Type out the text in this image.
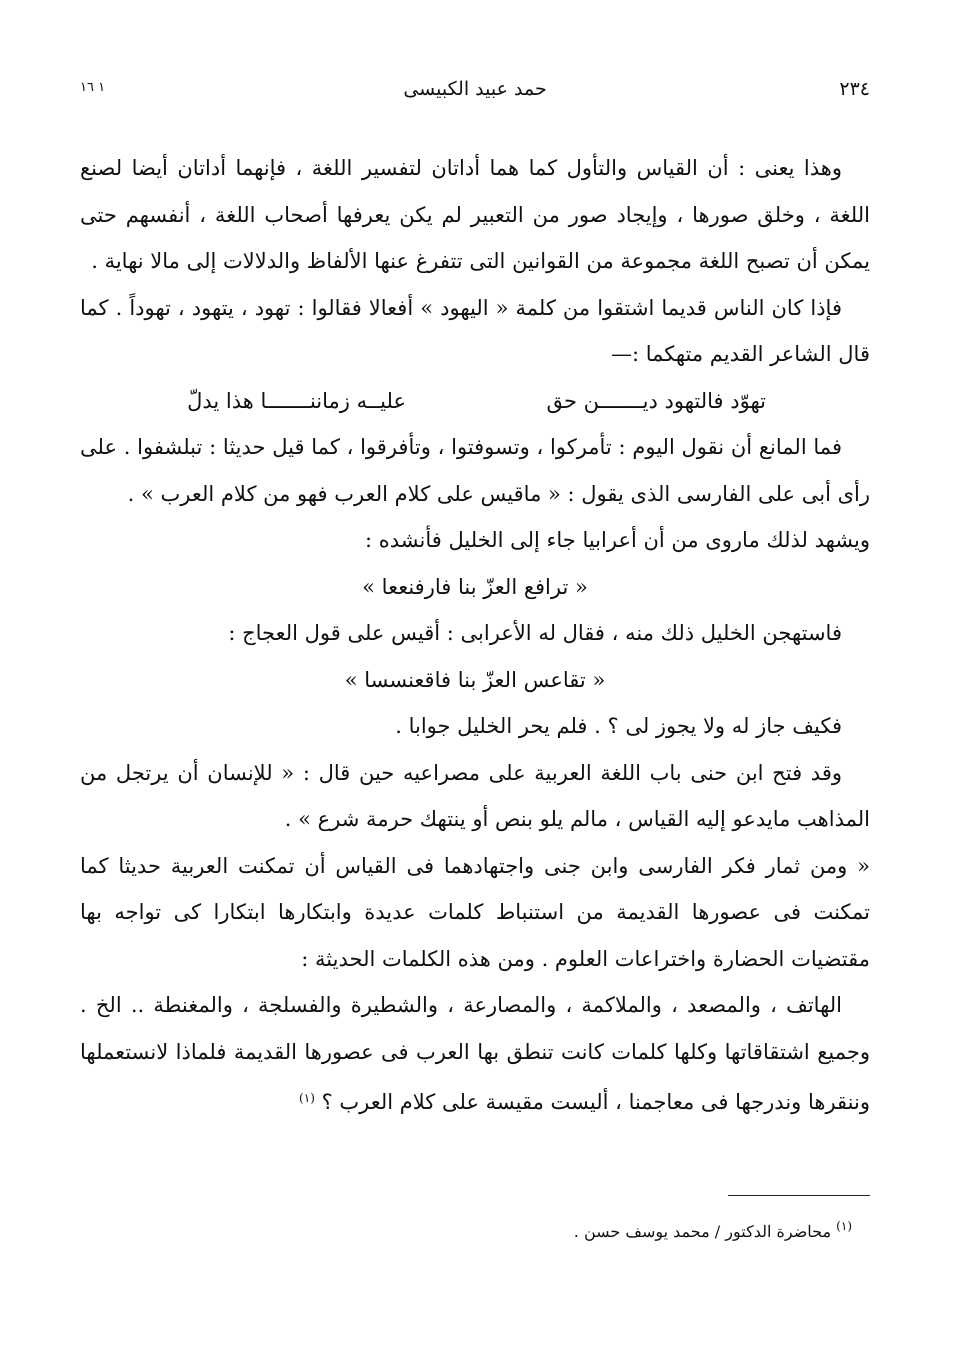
٢٣٤
حمد عبيد الكبيسى
١ ١٦

وهذا يعنى : أن القياس والتأول كما هما أداتان لتفسير اللغة ، فإنهما أداتان أيضا لصنع اللغة ، وخلق صورها ، وإيجاد صور من التعبير لم يكن يعرفها أصحاب اللغة ، أنفسهم حتى يمكن أن تصبح اللغة مجموعة من القوانين التى تتفرغ عنها الألفاظ والدلالات إلى مالا نهاية .

فإذا كان الناس قديما اشتقوا من كلمة « اليهود » أفعالا فقالوا : تهود ، يتهود ، تهوداً . كما قال الشاعر القديم متهكما :—

تهوّد فالتهود ديـــــــن حق
عليــه زماننـــــــا هذا يدلّ

فما المانع أن نقول اليوم : تأمركوا ، وتسوفتوا ، وتأفرقوا ، كما قيل حديثا : تبلشفوا . على رأى أبى على الفارسى الذى يقول : « ماقيس على كلام العرب فهو من كلام العرب » .

ويشهد لذلك ماروى من أن أعرابيا جاء إلى الخليل فأنشده :

« ترافع العزّ بنا فارفنععا »

فاستهجن الخليل ذلك منه ، فقال له الأعرابى : أقيس على قول العجاج :

« تقاعس العزّ بنا فاقعنسسا »

فكيف جاز له ولا يجوز لى ؟ . فلم يحر الخليل جوابا .

وقد فتح ابن حنى باب اللغة العربية على مصراعيه حين قال : « للإنسان أن يرتجل من المذاهب مايدعو إليه القياس ، مالم يلو بنص أو ينتهك حرمة شرع » .

« ومن ثمار فكر الفارسى وابن جنى واجتهادهما فى القياس أن تمكنت العربية حديثا كما تمكنت فى عصورها القديمة من استنباط كلمات عديدة وابتكارها ابتكارا كى تواجه بها مقتضيات الحضارة واختراعات العلوم . ومن هذه الكلمات الحديثة :

الهاتف ، والمصعد ، والملاكمة ، والمصارعة ، والشطيرة والفسلجة ، والمغنطة .. الخ . وجميع اشتقاقاتها وكلها كلمات كانت تنطق بها العرب فى عصورها القديمة فلماذا لانستعملها وننقرها وندرجها فى معاجمنا ، أليست مقيسة على كلام العرب ؟ $^{(١)}$

$^{(١)}$ محاضرة الدكتور / محمد يوسف حسن .
